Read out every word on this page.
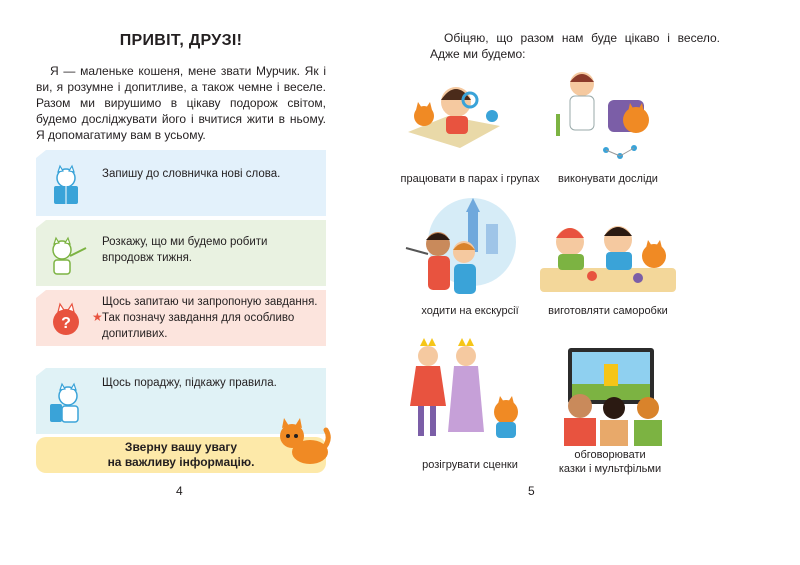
ПРИВІТ, ДРУЗІ!

Я — маленьке кошеня, мене звати Мурчик. Як і ви, я розумне і допитливе, а також чемне і веселе. Разом ми вирушимо в цікаву подорож світом, будемо досліджувати його і вчитися жити в ньому. Я допомагатиму вам в усьому.

Запишу до словничка нові слова.
Розкажу, що ми будемо робити
впродовж тижня.
?
Щось запитаю чи запропоную завдання.
★ Так позначу завдання для особливо
допитливих.
Щось пораджу, підкажу правила.
Зверну вашу увагу
на важливу інформацію.
4

Обіцяю, що разом нам буде цікаво і весело. Адже ми будемо:

працювати в парах і групах	виконувати досліди
ходити на екскурсії	виготовляти саморобки
розігрувати сценки
обговорювати
казки і мультфільми
5
